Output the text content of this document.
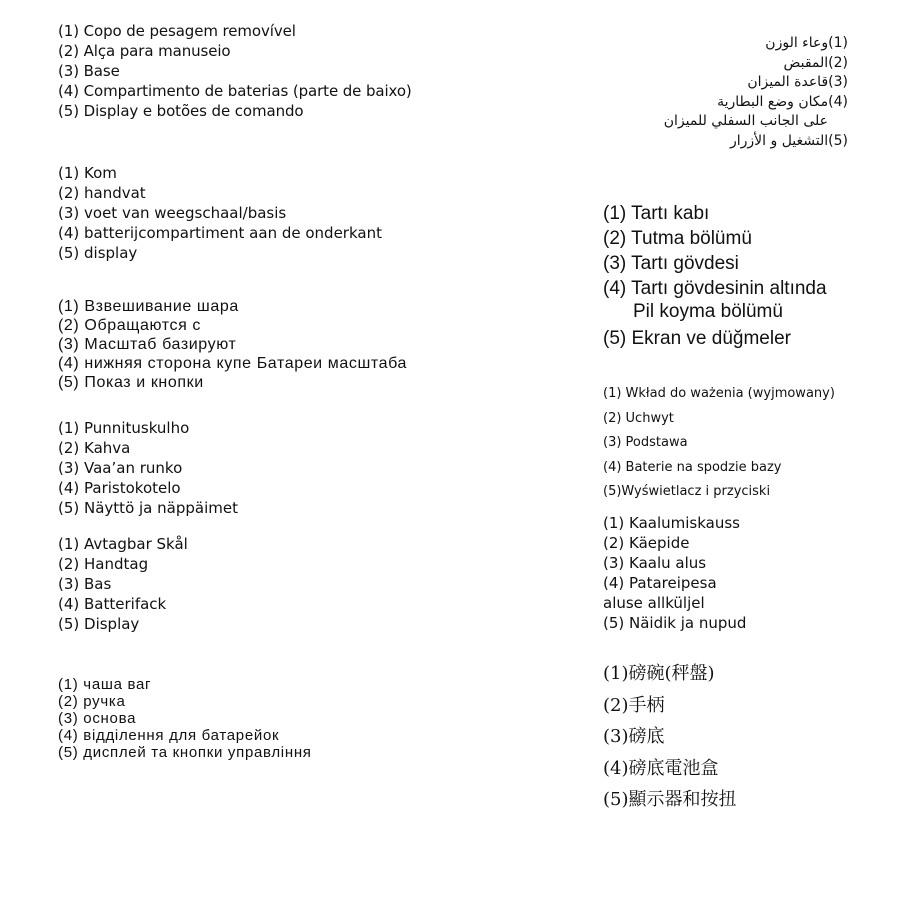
(1) Copo de pesagem removível
(2) Alça para manuseio
(3) Base
(4) Compartimento de baterias (parte de baixo)
(5) Display e botões de comando
(1) Kom
(2) handvat
(3) voet van weegschaal/basis
(4) batterijcompartiment aan de onderkant
(5) display
(1) Взвешивание шара
(2) Обращаются с
(3) Масштаб базируют
(4) нижняя сторона купе Батареи масштаба
(5) Показ и кнопки
(1) Punnituskulho
(2) Kahva
(3) Vaa’an runko
(4) Paristokotelo
(5) Näyttö ja näppäimet
(1) Avtagbar Skål
(2) Handtag
(3) Bas
(4) Batterifack
(5) Display
(1) чаша ваг
(2) ручка
(3) основа
(4) відділення для батарейок
(5) дисплей та кнопки управління
(1)وعاء الوزن
(2)المقبض
(3)قاعدة الميزان
(4)مكان وضع البطارية
على الجانب السفلي للميزان
(5)التشغيل و الأزرار
(1) Tartı kabı
(2) Tutma bölümü
(3) Tartı gövdesi
(4) Tartı gövdesinin altında
Pil koyma bölümü
(5) Ekran ve düğmeler
(1) Wkład do ważenia (wyjmowany)
(2) Uchwyt
(3) Podstawa
(4) Baterie na spodzie bazy
(5)Wyświetlacz i przyciski
(1) Kaalumiskauss
(2) Käepide
(3) Kaalu alus
(4) Patareipesa
aluse allküljel
(5) Näidik ja nupud
(1)磅碗(秤盤)
(2)手柄
(3)磅底
(4)磅底電池盒
(5)顯示器和按扭
